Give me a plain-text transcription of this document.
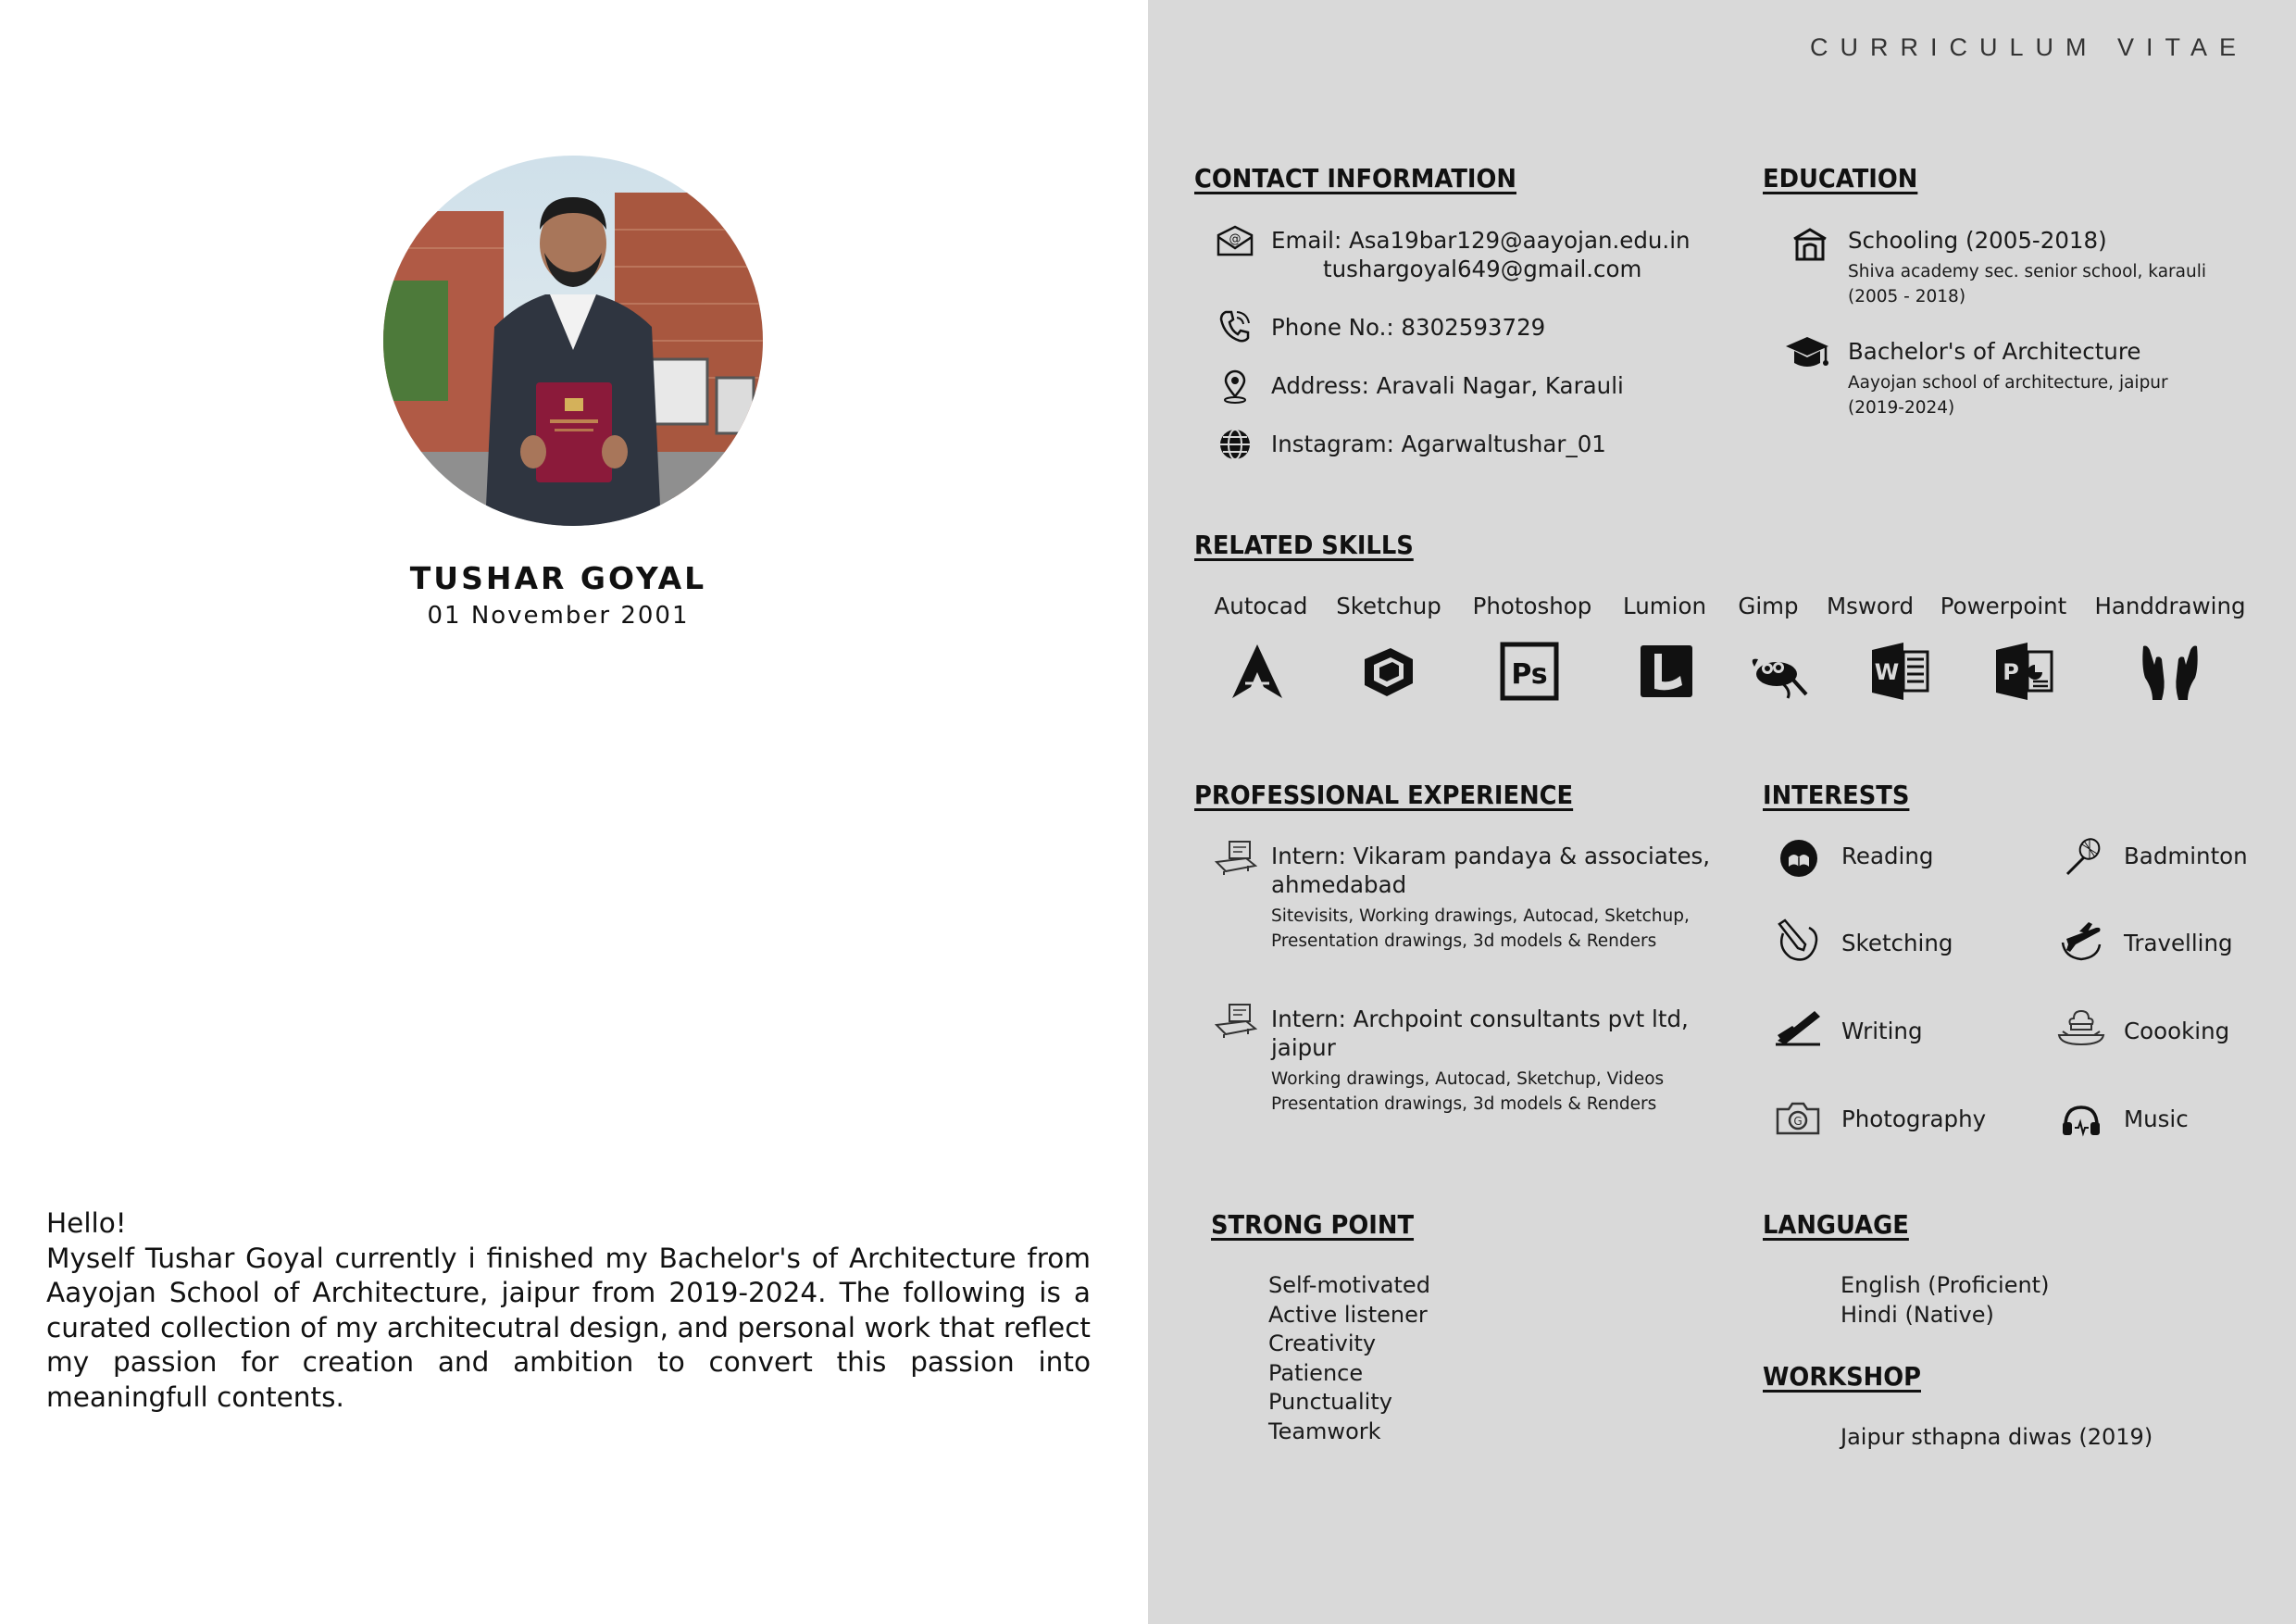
TUSHAR GOYAL
01 November 2001
Hello!

Myself Tushar Goyal currently i finished my Bachelor's of Architecture from Aayojan School of Architecture, jaipur from 2019-2024. The following is a curated collection of my architecutral design, and personal work that reflect my passion for creation and ambition to convert this passion into meaningfull contents.

CURRICULUM VITAE
CONTACT INFORMATION
@ Email: Asa19bar129@aayojan.edu.in
tushargoyal649@gmail.com
Phone No.: 8302593729
Address: Aravali Nagar, Karauli
Instagram: Agarwaltushar_01
EDUCATION
Schooling (2005-2018)
Shiva academy sec. senior school, karauli
(2005 - 2018)
Bachelor's of Architecture
Aayojan school of architecture, jaipur
(2019-2024)
RELATED SKILLS
Autocad Sketchup Photoshop Lumion Gimp Msword Powerpoint Handdrawing
Ps	W	P
PROFESSIONAL EXPERIENCE
Intern: Vikaram pandaya & associates,
ahmedabad
Sitevisits, Working drawings, Autocad, Sketchup,
Presentation drawings, 3d models & Renders
Intern: Archpoint consultants pvt ltd,
jaipur
Working drawings, Autocad, Sketchup, Videos
Presentation drawings, 3d models & Renders
INTERESTS
Reading	Badminton
Sketching	Travelling
Writing	Coooking
G Photography	Music
STRONG POINT
Self-motivated
Active listener
Creativity
Patience
Punctuality
Teamwork
LANGUAGE
English (Proficient)
Hindi (Native)
WORKSHOP
Jaipur sthapna diwas (2019)
